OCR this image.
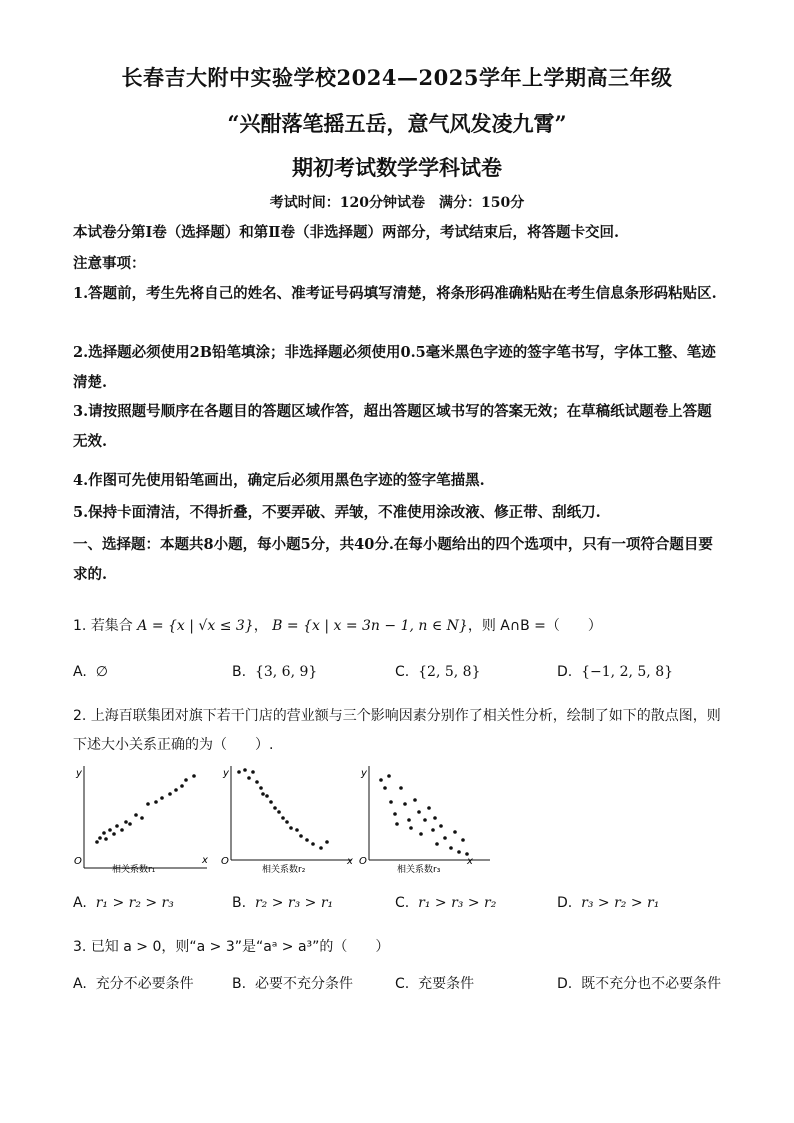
长春吉大附中实验学校2024—2025学年上学期高三年级
“兴酣落笔摇五岳，意气风发凌九霄”
期初考试数学学科试卷
考试时间：120分钟试卷　满分：150分
本试卷分第Ⅰ卷（选择题）和第Ⅱ卷（非选择题）两部分，考试结束后，将答题卡交回.
注意事项：
1.答题前，考生先将自己的姓名、准考证号码填写清楚，将条形码准确粘贴在考生信息条形码粘贴区.
2.选择题必须使用2B铅笔填涂；非选择题必须使用0.5毫米黑色字迹的签字笔书写，字体工整、笔迹清楚.
3.请按照题号顺序在各题目的答题区域作答，超出答题区域书写的答案无效；在草稿纸试题卷上答题无效.
4.作图可先使用铅笔画出，确定后必须用黑色字迹的签字笔描黑.
5.保持卡面清洁，不得折叠，不要弄破、弄皱，不准使用涂改液、修正带、刮纸刀.
一、选择题：本题共8小题，每小题5分，共40分.在每小题给出的四个选项中，只有一项符合题目要求的.
1. 若集合 A = {x | √x ≤ 3}， B = {x | x = 3n − 1, n ∈ N}，则 A∩B =（　　）
A. ∅	B. {3, 6, 9}	C. {2, 5, 8}	D. {−1, 2, 5, 8}
2. 上海百联集团对旗下若干门店的营业额与三个影响因素分别作了相关性分析，绘制了如下的散点图，则下述大小关系正确的为（　　）.
y
x
O
相关系数r₁
y
x
O
相关系数r₂
y
x
O
相关系数r₃
A. r₁ > r₂ > r₃	B. r₂ > r₃ > r₁	C. r₁ > r₃ > r₂	D. r₃ > r₂ > r₁
3. 已知 a > 0，则“a > 3”是“aᵃ > a³”的（　　）
A. 充分不必要条件	B. 必要不充分条件	C. 充要条件	D. 既不充分也不必要条件
